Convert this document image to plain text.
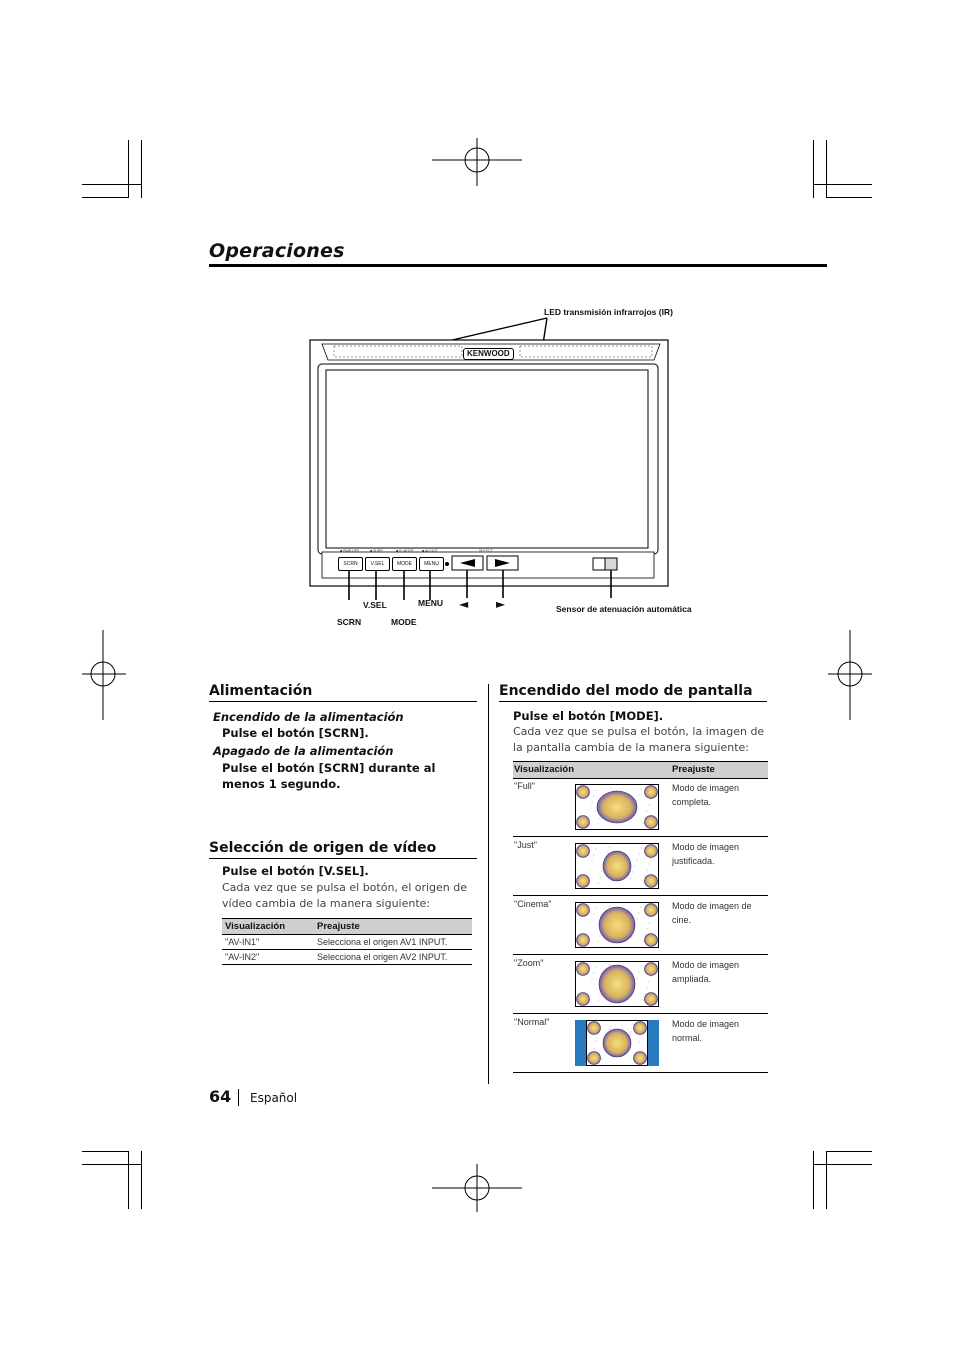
Operaciones
LED transmisión infrarrojos (IR)
KENWOOD
■ PWR OFF	■ SUPP	■ B. MODE ■ AV OUT	SELECT
SCRN	V.SEL	MODE	MENU
V.SEL	MENU
SCRN	MODE
◄ ►	Sensor de atenuación automática
Alimentación
Encendido de la alimentación
Pulse el botón [SCRN].
Apagado de la alimentación
Pulse el botón [SCRN] durante al menos 1 segundo.
Selección de origen de vídeo
Pulse el botón [V.SEL].
Cada vez que se pulsa el botón, el origen de vídeo cambia de la manera siguiente:
Visualización	Preajuste
"AV-IN1"	Selecciona el origen AV1 INPUT.
"AV-IN2"	Selecciona el origen AV2 INPUT.
Encendido del modo de pantalla
Pulse el botón [MODE].
Cada vez que se pulsa el botón, la imagen de la pantalla cambia de la manera siguiente:
Visualización	Preajuste
"Full"	Modo de imagen completa.
"Just"	Modo de imagen justificada.
"Cinema"	Modo de imagen de cine.
"Zoom"	Modo de imagen ampliada.
"Normal"	Modo de imagen normal.
64 Español
